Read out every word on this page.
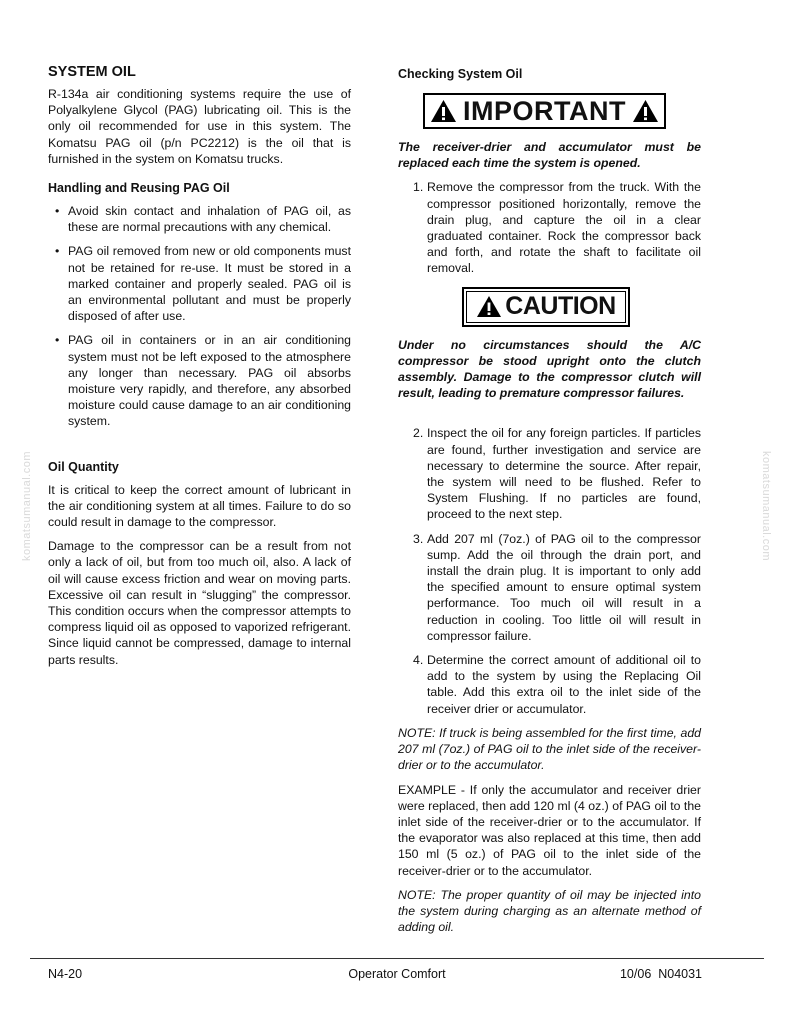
SYSTEM OIL

R-134a air conditioning systems require the use of Polyalkylene Glycol (PAG) lubricating oil. This is the only oil recommended for use in this system. The Komatsu PAG oil (p/n PC2212) is the oil that is furnished in the system on Komatsu trucks.

Handling and Reusing PAG Oil
• Avoid skin contact and inhalation of PAG oil, as these are normal precautions with any chemical.
• PAG oil removed from new or old components must not be retained for re-use. It must be stored in a marked container and properly sealed. PAG oil is an environmental pollutant and must be properly disposed of after use.
• PAG oil in containers or in an air conditioning system must not be left exposed to the atmosphere any longer than necessary. PAG oil absorbs moisture very rapidly, and therefore, any absorbed moisture could cause damage to an air conditioning system.
Oil Quantity

It is critical to keep the correct amount of lubricant in the air conditioning system at all times. Failure to do so could result in damage to the compressor.

Damage to the compressor can be a result from not only a lack of oil, but from too much oil, also. A lack of oil will cause excess friction and wear on moving parts. Excessive oil can result in “slugging” the compressor. This condition occurs when the compressor attempts to compress liquid oil as opposed to vaporized refrigerant. Since liquid cannot be compressed, damage to internal parts results.

Checking System Oil
IMPORTANT

The receiver-drier and accumulator must be replaced each time the system is opened.

1. Remove the compressor from the truck. With the compressor positioned horizontally, remove the drain plug, and capture the oil in a clear graduated container. Rock the compressor back and forth, and rotate the shaft to facilitate oil removal.
CAUTION

Under no circumstances should the A/C compressor be stood upright onto the clutch assembly. Damage to the compressor clutch will result, leading to premature compressor failures.

2. Inspect the oil for any foreign particles. If particles are found, further investigation and service are necessary to determine the source. After repair, the system will need to be flushed. Refer to System Flushing. If no particles are found, proceed to the next step.
3. Add 207 ml (7oz.) of PAG oil to the compressor sump. Add the oil through the drain port, and install the drain plug. It is important to only add the specified amount to ensure optimal system performance. Too much oil will result in a reduction in cooling. Too little oil will result in compressor failure.
4. Determine the correct amount of additional oil to add to the system by using the Replacing Oil table. Add this extra oil to the inlet side of the receiver drier or accumulator.

NOTE: If truck is being assembled for the first time, add 207 ml (7oz.) of PAG oil to the inlet side of the receiver-drier or to the accumulator.

EXAMPLE - If only the accumulator and receiver drier were replaced, then add 120 ml (4 oz.) of PAG oil to the inlet side of the receiver-drier or to the accumulator. If the evaporator was also replaced at this time, then add 150 ml (5 oz.) of PAG oil to the inlet side of the receiver-drier or to the accumulator.

NOTE: The proper quantity of oil may be injected into the system during charging as an alternate method of adding oil.

komatsumanual.com	komatsumanual.com
N4-20	Operator Comfort	10/06  N04031
